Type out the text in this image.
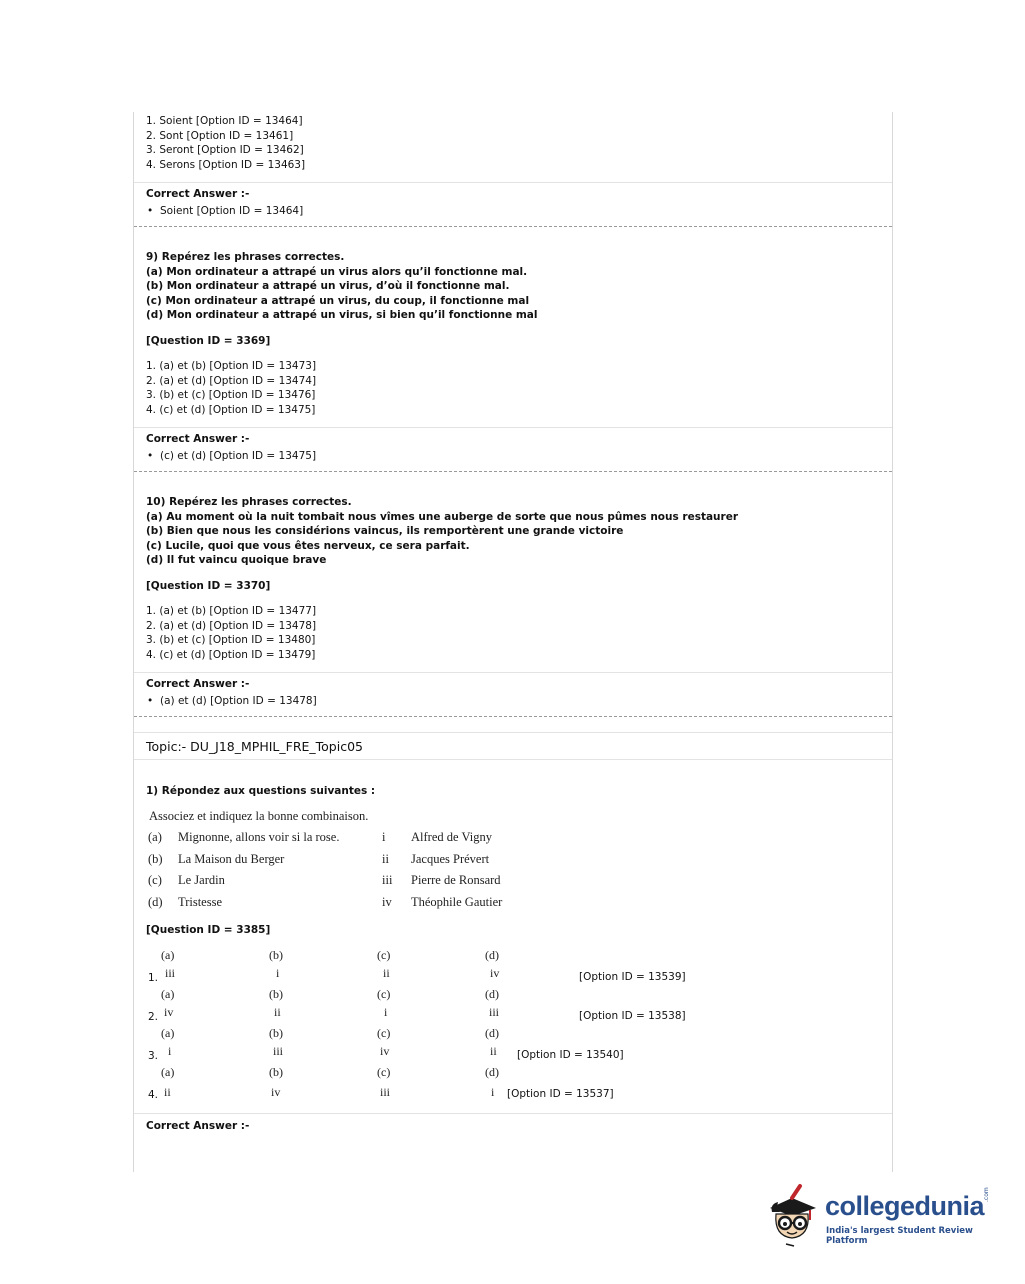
1. Soient [Option ID = 13464]
2. Sont [Option ID = 13461]
3. Seront [Option ID = 13462]
4. Serons [Option ID = 13463]
Correct Answer :-
• Soient [Option ID = 13464]
9) Repérez les phrases correctes.
(a) Mon ordinateur a attrapé un virus alors qu’il fonctionne mal.
(b) Mon ordinateur a attrapé un virus, d’où il fonctionne mal.
(c) Mon ordinateur a attrapé un virus, du coup, il fonctionne mal
(d) Mon ordinateur a attrapé un virus, si bien qu’il fonctionne mal
[Question ID = 3369]
1. (a) et (b) [Option ID = 13473]
2. (a) et (d) [Option ID = 13474]
3. (b) et (c) [Option ID = 13476]
4. (c) et (d) [Option ID = 13475]
Correct Answer :-
• (c) et (d) [Option ID = 13475]
10) Repérez les phrases correctes.
(a) Au moment où la nuit tombait nous vîmes une auberge de sorte que nous pûmes nous restaurer
(b) Bien que nous les considérions vaincus, ils remportèrent une grande victoire
(c) Lucile, quoi que vous êtes nerveux, ce sera parfait.
(d) Il fut vaincu quoique brave
[Question ID = 3370]
1. (a) et (b) [Option ID = 13477]
2. (a) et (d) [Option ID = 13478]
3. (b) et (c) [Option ID = 13480]
4. (c) et (d) [Option ID = 13479]
Correct Answer :-
• (a) et (d) [Option ID = 13478]
Topic:- DU_J18_MPHIL_FRE_Topic05
1) Répondez aux questions suivantes :
Associez et indiquez la bonne combinaison.
(a)	Mignonne, allons voir si la rose.	i	Alfred de Vigny
(b)	La Maison du Berger	ii	Jacques Prévert
(c)	Le Jardin	iii	Pierre de Ronsard
(d)	Tristesse	iv	Théophile Gautier
[Question ID = 3385]
(a)	(b)	(c)	(d)
1. iii	i	ii	iv	[Option ID = 13539]
(a)	(b)	(c)	(d)
2. iv	ii	i	iii	[Option ID = 13538]
(a)	(b)	(c)	(d)
3. i	iii	iv	ii [Option ID = 13540]
(a)	(b)	(c)	(d)
4. ii	iv	iii	i [Option ID = 13537]
Correct Answer :-
collegedunia
.com
India's largest Student Review Platform
